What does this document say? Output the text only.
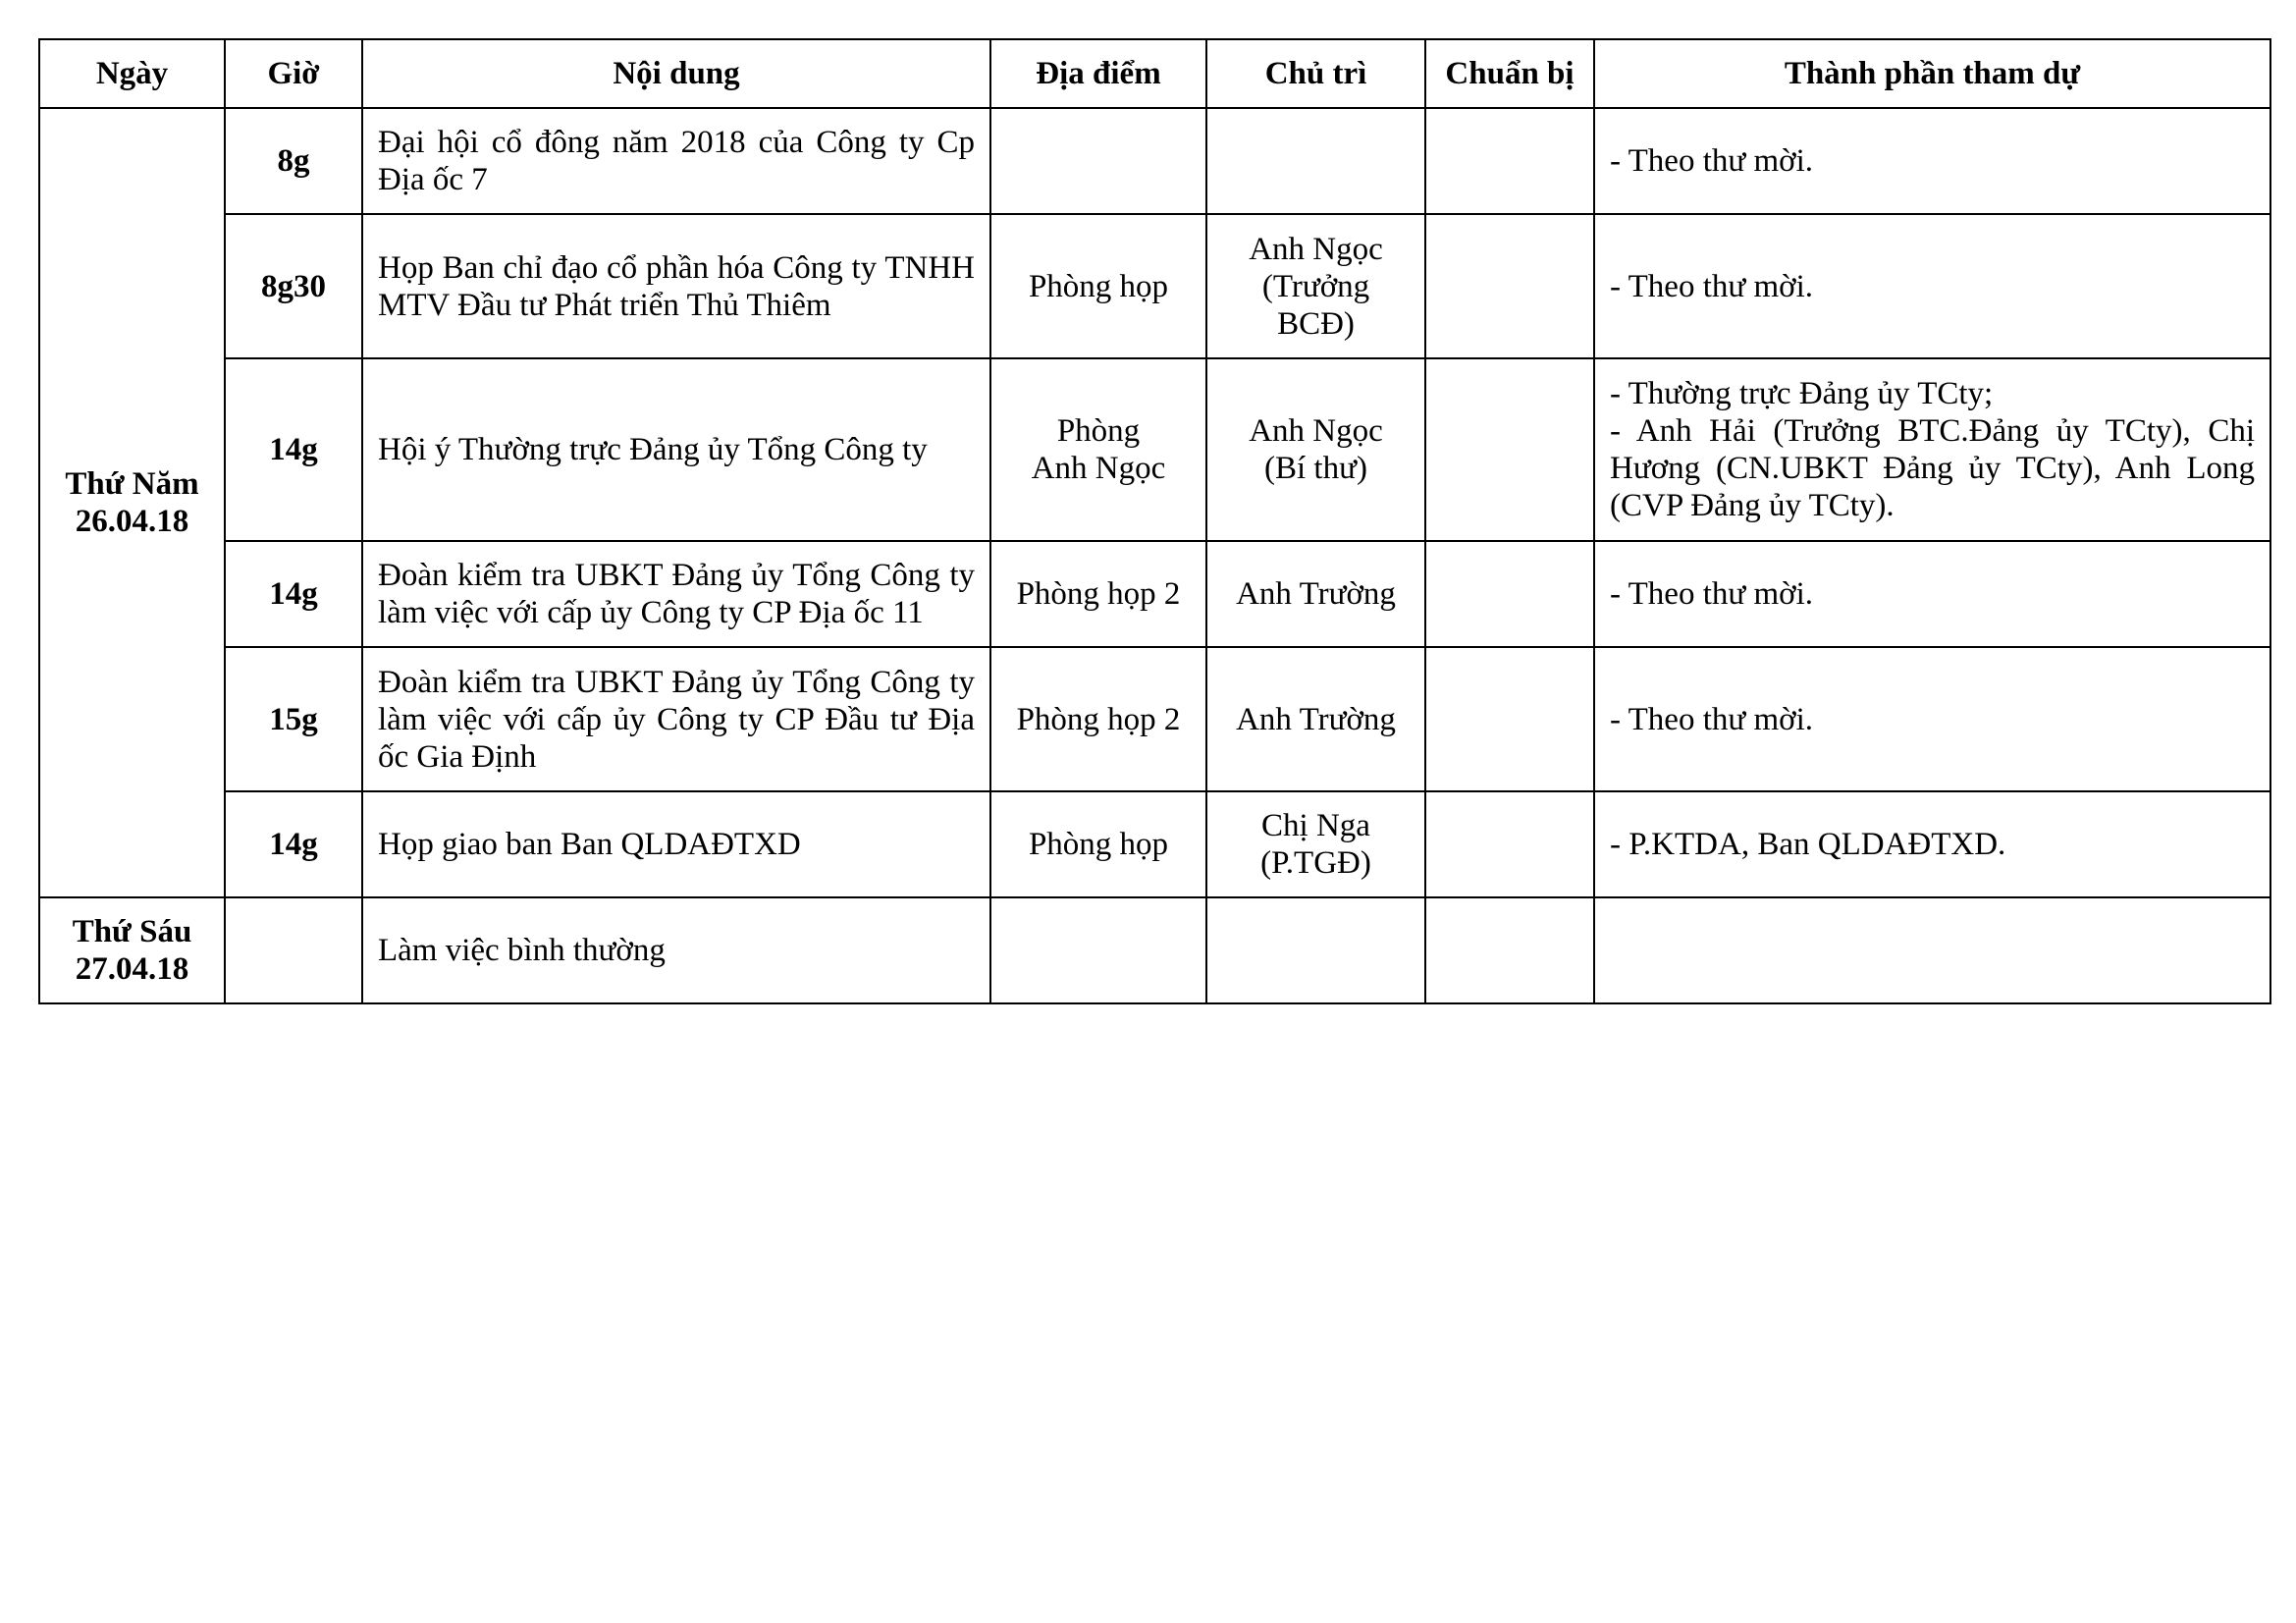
Ngày	Giờ	Nội dung	Địa điểm	Chủ trì	Chuẩn bị	Thành phần tham dự

Thứ Năm
26.04.18	8g	Đại hội cổ đông năm 2018 của Công ty Cp Địa ốc 7				- Theo thư mời.

	8g30	Họp Ban chỉ đạo cổ phần hóa Công ty TNHH MTV Đầu tư Phát triển Thủ Thiêm	Phòng họp	Anh Ngọc
(Trưởng
BCĐ)		- Theo thư mời.

	14g	Hội ý Thường trực Đảng ủy Tổng Công ty	Phòng
Anh Ngọc	Anh Ngọc
(Bí thư)		- Thường trực Đảng ủy TCty;
- Anh Hải (Trưởng BTC.Đảng ủy TCty), Chị Hương (CN.UBKT Đảng ủy TCty), Anh Long (CVP Đảng ủy TCty).

	14g	Đoàn kiểm tra UBKT Đảng ủy Tổng Công ty làm việc với cấp ủy Công ty CP Địa ốc 11	Phòng họp 2	Anh Trường		- Theo thư mời.

	15g	Đoàn kiểm tra UBKT Đảng ủy Tổng Công ty làm việc với cấp ủy Công ty CP Đầu tư Địa ốc Gia Định	Phòng họp 2	Anh Trường		- Theo thư mời.

	14g	Họp giao ban Ban QLDAĐTXD	Phòng họp	Chị Nga
(P.TGĐ)		- P.KTDA, Ban QLDAĐTXD.

Thứ Sáu
27.04.18		Làm việc bình thường				
